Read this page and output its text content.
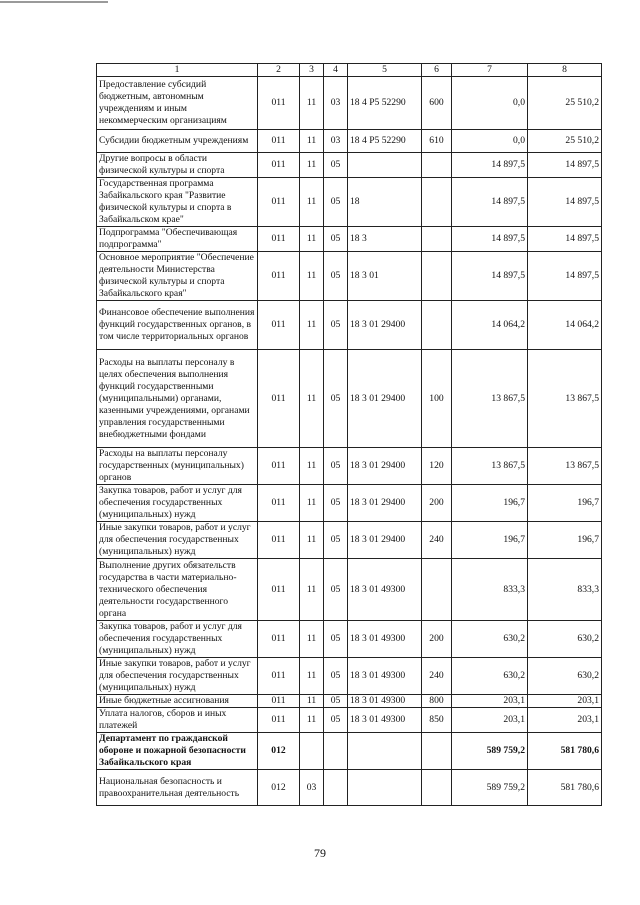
1	2	3	4	5	6	7	8
Предоставление субсидий бюджетным, автономным учреждениям и иным некоммерческим организациям	011	11	03	18 4 P5 52290	600	0,0	25 510,2
Субсидии бюджетным учреждениям	011	11	03	18 4 P5 52290	610	0,0	25 510,2
Другие вопросы в области физической культуры и спорта	011	11	05			14 897,5	14 897,5
Государственная программа Забайкальского края "Развитие физической культуры и спорта в Забайкальском крае"	011	11	05	18		14 897,5	14 897,5
Подпрограмма "Обеспечивающая подпрограмма"	011	11	05	18 3		14 897,5	14 897,5
Основное мероприятие "Обеспечение деятельности Министерства физической культуры и спорта Забайкальского края"	011	11	05	18 3 01		14 897,5	14 897,5
Финансовое обеспечение выполнения функций государственных органов, в том числе территориальных органов	011	11	05	18 3 01 29400		14 064,2	14 064,2
Расходы на выплаты персоналу в целях обеспечения выполнения функций государственными (муниципальными) органами, казенными учреждениями, органами управления государственными внебюджетными фондами	011	11	05	18 3 01 29400	100	13 867,5	13 867,5
Расходы на выплаты персоналу государственных (муниципальных) органов	011	11	05	18 3 01 29400	120	13 867,5	13 867,5
Закупка товаров, работ и услуг для обеспечения государственных (муниципальных) нужд	011	11	05	18 3 01 29400	200	196,7	196,7
Иные закупки товаров, работ и услуг для обеспечения государственных (муниципальных) нужд	011	11	05	18 3 01 29400	240	196,7	196,7
Выполнение других обязательств государства в части материально-технического обеспечения деятельности государственного органа	011	11	05	18 3 01 49300		833,3	833,3
Закупка товаров, работ и услуг для обеспечения государственных (муниципальных) нужд	011	11	05	18 3 01 49300	200	630,2	630,2
Иные закупки товаров, работ и услуг для обеспечения государственных (муниципальных) нужд	011	11	05	18 3 01 49300	240	630,2	630,2
Иные бюджетные ассигнования	011	11	05	18 3 01 49300	800	203,1	203,1
Уплата налогов, сборов и иных платежей	011	11	05	18 3 01 49300	850	203,1	203,1
Департамент по гражданской обороне и пожарной безопасности Забайкальского края	012					589 759,2	581 780,6
Национальная безопасность и правоохранительная деятельность	012	03				589 759,2	581 780,6
79
